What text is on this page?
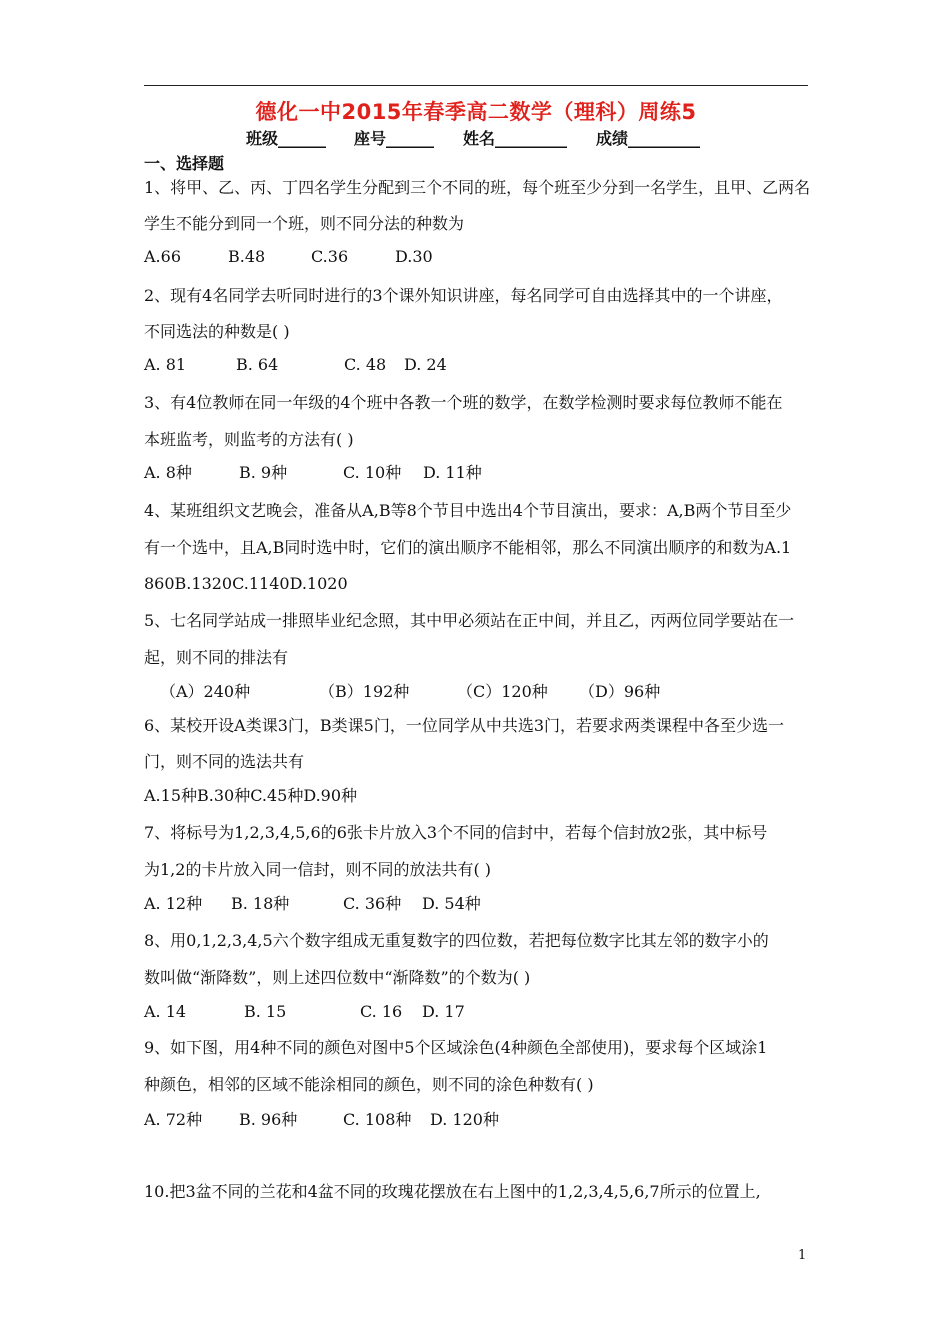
德化一中2015年春季高二数学（理科）周练5
班级______ 座号______ 姓名_________ 成绩_________
一、选择题
1、将甲、乙、丙、丁四名学生分配到三个不同的班，每个班至少分到一名学生，且甲、乙两名
学生不能分到同一个班，则不同分法的种数为
A.66	B.48	C.36	D.30
2、现有4名同学去听同时进行的3个课外知识讲座，每名同学可自由选择其中的一个讲座，
不同选法的种数是( )
A. 81	B. 64	C. 48 D. 24
3、有4位教师在同一年级的4个班中各教一个班的数学，在数学检测时要求每位教师不能在
本班监考，则监考的方法有( )
A. 8种	B. 9种	C. 10种 D. 11种
4、某班组织文艺晚会，准备从A,B等8个节目中选出4个节目演出，要求：A,B两个节目至少
有一个选中，且A,B同时选中时，它们的演出顺序不能相邻，那么不同演出顺序的和数为A.1
860B.1320C.1140D.1020
5、七名同学站成一排照毕业纪念照，其中甲必须站在正中间，并且乙，丙两位同学要站在一
起，则不同的排法有
（A）240种	（B）192种	（C）120种 （D）96种
6、某校开设A类课3门，B类课5门，一位同学从中共选3门，若要求两类课程中各至少选一
门，则不同的选法共有
A.15种B.30种C.45种D.90种
7、将标号为1,2,3,4,5,6的6张卡片放入3个不同的信封中，若每个信封放2张，其中标号
为1,2的卡片放入同一信封，则不同的放法共有( )
A. 12种 B. 18种	C. 36种 D. 54种
8、用0,1,2,3,4,5六个数字组成无重复数字的四位数，若把每位数字比其左邻的数字小的
数叫做“渐降数”，则上述四位数中“渐降数”的个数为( )
A. 14	B. 15	C. 16 D. 17
9、如下图，用4种不同的颜色对图中5个区域涂色(4种颜色全部使用)，要求每个区域涂1
种颜色，相邻的区域不能涂相同的颜色，则不同的涂色种数有( )
A. 72种 B. 96种	C. 108种 D. 120种
10.把3盆不同的兰花和4盆不同的玫瑰花摆放在右上图中的1,2,3,4,5,6,7所示的位置上,
1
